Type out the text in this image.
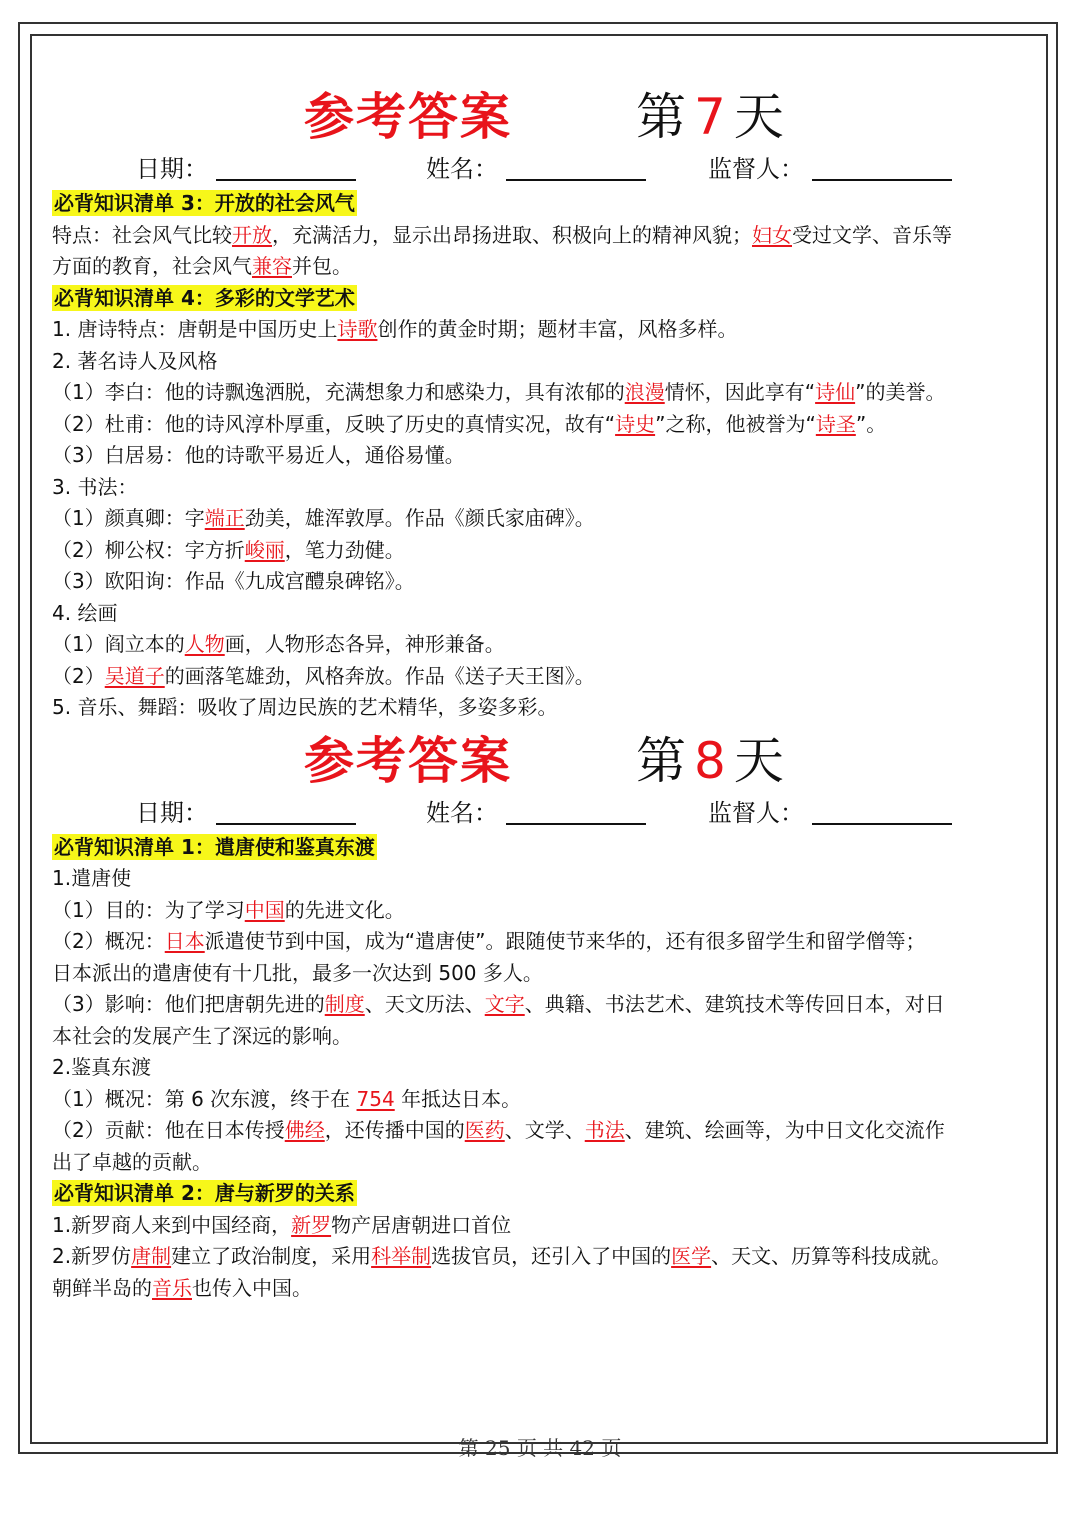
参考答案 第 7 天
日期：	姓名：	监督人：
必背知识清单 3：开放的社会风气
特点：社会风气比较开放，充满活力，显示出昂扬进取、积极向上的精神风貌；妇女受过文学、音乐等
方面的教育，社会风气兼容并包。
必背知识清单 4：多彩的文学艺术
1. 唐诗特点：唐朝是中国历史上诗歌创作的黄金时期；题材丰富，风格多样。
2. 著名诗人及风格
（1）李白：他的诗飘逸洒脱，充满想象力和感染力，具有浓郁的浪漫情怀，因此享有“诗仙”的美誉。
（2）杜甫：他的诗风淳朴厚重，反映了历史的真情实况，故有“诗史”之称，他被誉为“诗圣”。
（3）白居易：他的诗歌平易近人，通俗易懂。
3. 书法：
（1）颜真卿：字端正劲美，雄浑敦厚。作品《颜氏家庙碑》。
（2）柳公权：字方折峻丽，笔力劲健。
（3）欧阳询：作品《九成宫醴泉碑铭》。
4. 绘画
（1）阎立本的人物画，人物形态各异，神形兼备。
（2）吴道子的画落笔雄劲，风格奔放。作品《送子天王图》。
5. 音乐、舞蹈：吸收了周边民族的艺术精华，多姿多彩。
参考答案 第 8 天
日期：	姓名：	监督人：
必背知识清单 1：遣唐使和鉴真东渡
1.遣唐使
（1）目的：为了学习中国的先进文化。
（2）概况：日本派遣使节到中国，成为“遣唐使”。跟随使节来华的，还有很多留学生和留学僧等；
日本派出的遣唐使有十几批，最多一次达到 500 多人。
（3）影响：他们把唐朝先进的制度、天文历法、文字、典籍、书法艺术、建筑技术等传回日本，对日
本社会的发展产生了深远的影响。
2.鉴真东渡
（1）概况：第 6 次东渡，终于在 754 年抵达日本。
（2）贡献：他在日本传授佛经，还传播中国的医药、文学、书法、建筑、绘画等，为中日文化交流作
出了卓越的贡献。
必背知识清单 2：唐与新罗的关系
1.新罗商人来到中国经商，新罗物产居唐朝进口首位
2.新罗仿唐制建立了政治制度，采用科举制选拔官员，还引入了中国的医学、天文、历算等科技成就。
朝鲜半岛的音乐也传入中国。
第 25 页 共 42 页
